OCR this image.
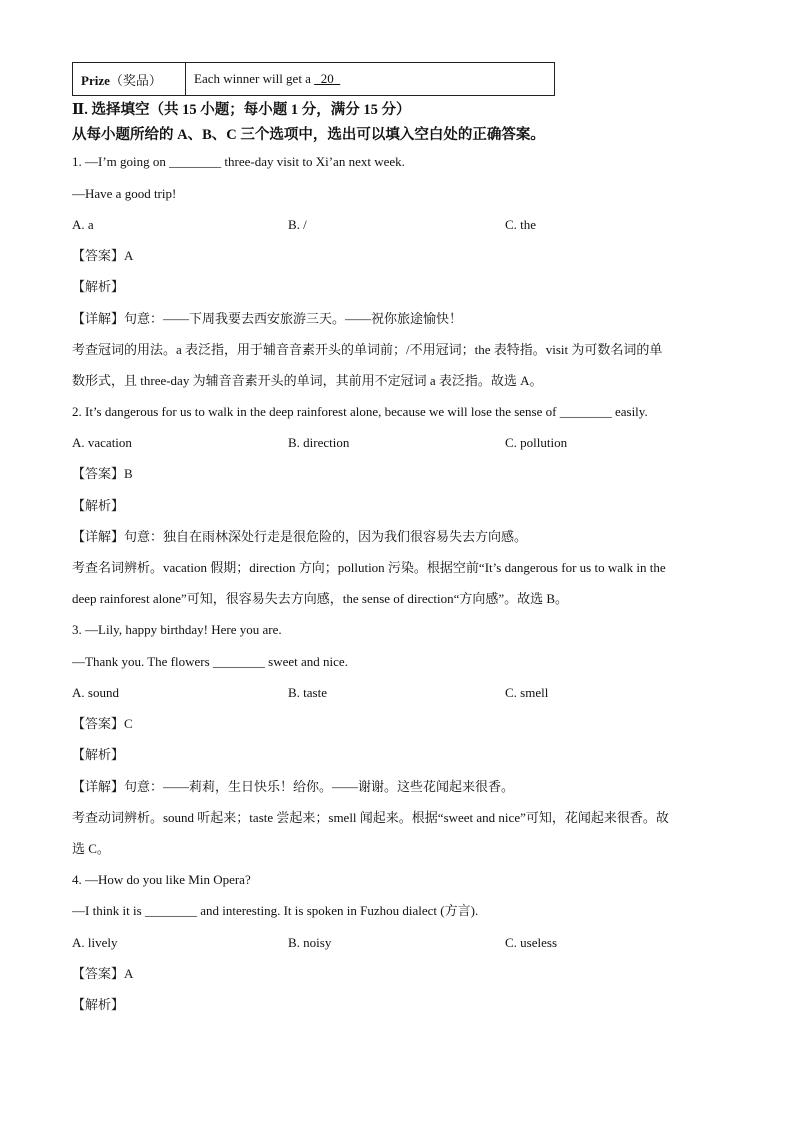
Prize（奖品）	Each winner will get a   20
Ⅱ. 选择填空（共 15 小题；每小题 1 分，满分 15 分）
从每小题所给的 A、B、C 三个选项中，选出可以填入空白处的正确答案。
1. —I’m going on ________ three-day visit to Xi’an next week.
—Have a good trip!
A. a	B. /	C. the
【答案】A
【解析】
【详解】句意：——下周我要去西安旅游三天。——祝你旅途愉快！
考查冠词的用法。a 表泛指，用于辅音音素开头的单词前；/不用冠词；the 表特指。visit 为可数名词的单
数形式，且 three-day 为辅音音素开头的单词，其前用不定冠词 a 表泛指。故选 A。
2. It’s dangerous for us to walk in the deep rainforest alone, because we will lose the sense of ________ easily.
A. vacation	B. direction	C. pollution
【答案】B
【解析】
【详解】句意：独自在雨林深处行走是很危险的，因为我们很容易失去方向感。
考查名词辨析。vacation 假期；direction 方向；pollution 污染。根据空前“It’s dangerous for us to walk in the
deep rainforest alone”可知，很容易失去方向感，the sense of direction“方向感”。故选 B。
3. —Lily, happy birthday! Here you are.
—Thank you. The flowers ________ sweet and nice.
A. sound	B. taste	C. smell
【答案】C
【解析】
【详解】句意：——莉莉，生日快乐！给你。——谢谢。这些花闻起来很香。
考查动词辨析。sound 听起来；taste 尝起来；smell 闻起来。根据“sweet and nice”可知，花闻起来很香。故
选 C。
4. —How do you like Min Opera?
—I think it is ________ and interesting. It is spoken in Fuzhou dialect (方言).
A. lively	B. noisy	C. useless
【答案】A
【解析】
